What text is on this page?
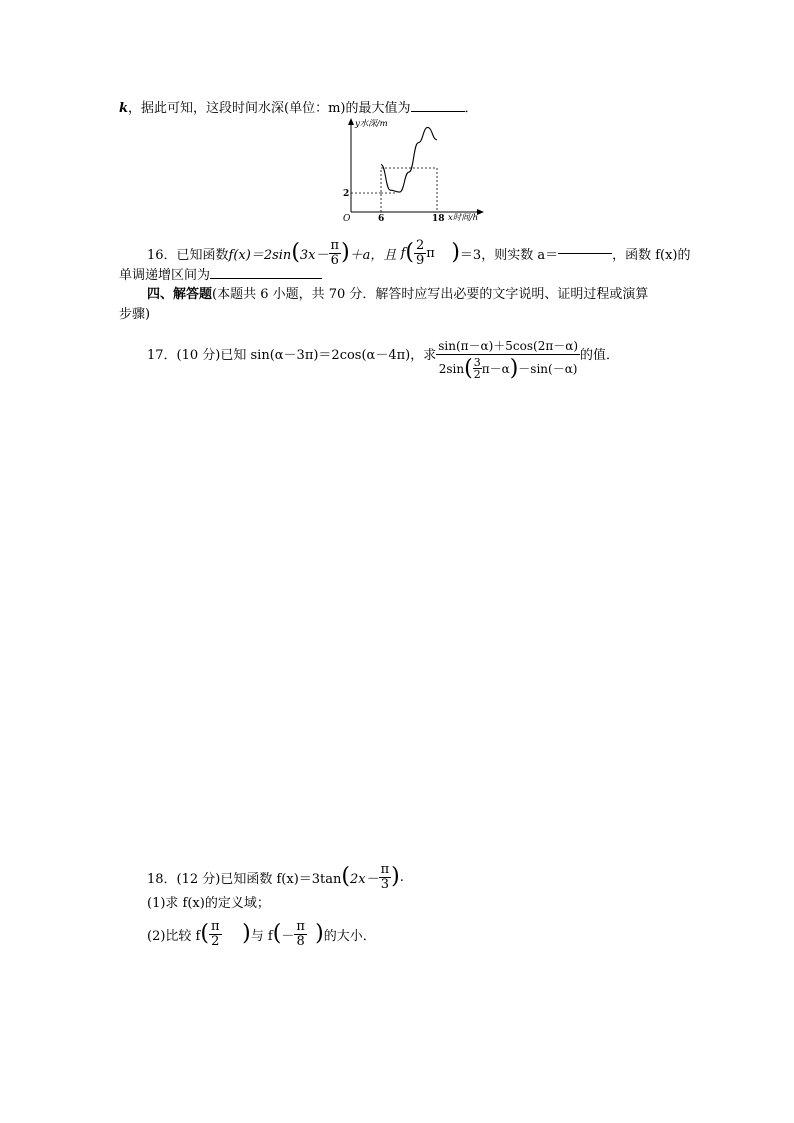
k，据此可知，这段时间水深(单位：m)的最大值为	．
y水深/m
O
2
6	18 x时间/h
16．已知函数 f(x)＝2sin ( $3x- \frac{\pi}{6}$ ) ＋a，且
f ( $\frac{2}{9}$ π
) ＝3，则实数 a＝	，函数 f(x)的
单调递增区间为
四、解答题(本题共 6 小题，共 70 分．解答时应写出必要的文字说明、证明过程或演算
步骤)
17．(10 分)已知 sin(α－3π)＝2cos(α－4π)，求 $\frac{\sin(\pi-\alpha)+5\cos(2\pi-\alpha)}{2\sin ( \frac{3}{2} \pi-\alpha ) -\sin(-\alpha)}$ 的值．
18．(12 分)已知函数 f(x)＝3tan ( $2x- \frac{\pi}{3}$ ) .
(1)求 f(x)的定义域；
(2)比较 f ( $\frac{\pi}{2}$
) 与 f ( － $\frac{\pi}{8}$
) 的大小．
